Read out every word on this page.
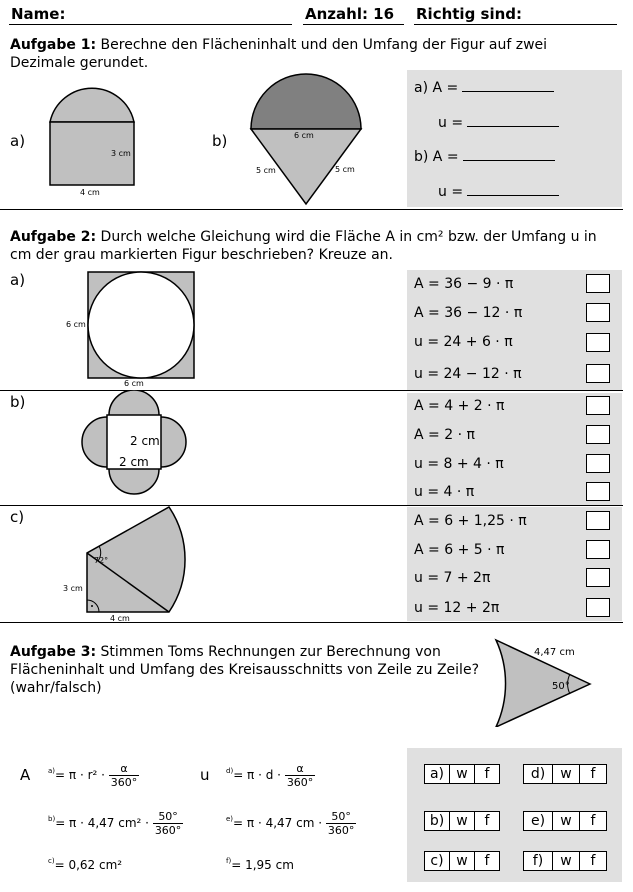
Name:	Anzahl: 16 Richtig sind:
Aufgabe 1: Berechne den Flächeninhalt und den Umfang der Figur auf zwei Dezimale gerundet.
a)
3 cm
4 cm
b)	6 cm
5 cm	5 cm
a) A =
u =
b) A =
u =
Aufgabe 2: Durch welche Gleichung wird die Fläche A in cm² bzw. der Umfang u in cm der grau markierten Figur beschrieben? Kreuze an.
a)
6 cm
6 cm
A = 36 − 9 · π
A = 36 − 12 · π
u = 24 + 6 · π
u = 24 − 12 · π
b)
2 cm
2 cm
A = 4 + 2 · π
A = 2 · π
u = 8 + 4 · π
u = 4 · π
c)
72°
3 cm
4 cm
A = 6 + 1,25 · π
A = 6 + 5 · π
u = 7 + 2π
u = 12 + 2π
Aufgabe 3: Stimmen Toms Rechnungen zur Berechnung von Flächeninhalt und Umfang des Kreisausschnitts von Zeile zu Zeile? (wahr/falsch)
4,47 cm
50°
A	u
$^{a)}= \pi \cdot r^2 \cdot \frac{\alpha}{360^\circ}$	$^{d)}= \pi \cdot d \cdot \frac{\alpha}{360^\circ}$
$^{b)}$= π · 4,47 $cm^2 \cdot \frac{50^\circ}{360^\circ}$	$^{e)}$= π · 4,47 cm · $\frac{50^\circ}{360^\circ}$
$^{c)}$= 0,62 cm²	$^{f)}$= 1,95 cm
a) w	f	d)	w	f
b) w	f	e)	w	f
c) w	f	f)	w	f
